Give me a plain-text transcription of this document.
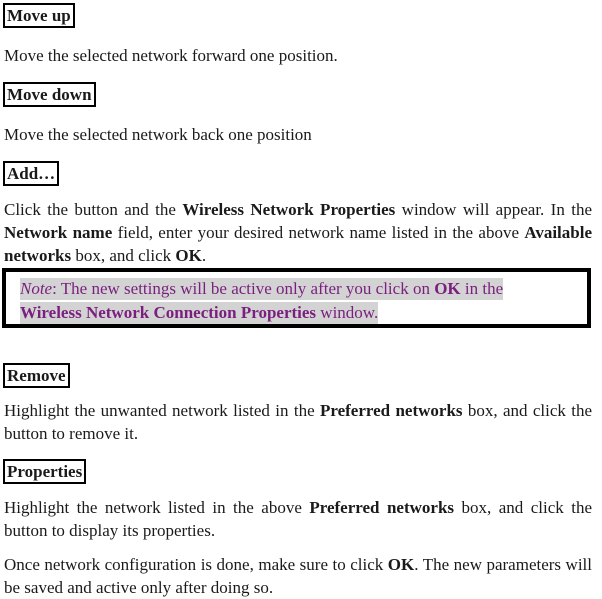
Move up

Move the selected network forward one position.

Move down

Move the selected network back one position

Add…

Click the button and the Wireless Network Properties window will appear. In the Network name field, enter your desired network name listed in the above Available networks box, and click OK.

Note: The new settings will be active only after you click on OK in the
Wireless Network Connection Properties window.
Remove

Highlight the unwanted network listed in the Preferred networks box, and click the button to remove it.

Properties

Highlight the network listed in the above Preferred networks box, and click the button to display its properties.

Once network configuration is done, make sure to click OK. The new parameters will be saved and active only after doing so.
